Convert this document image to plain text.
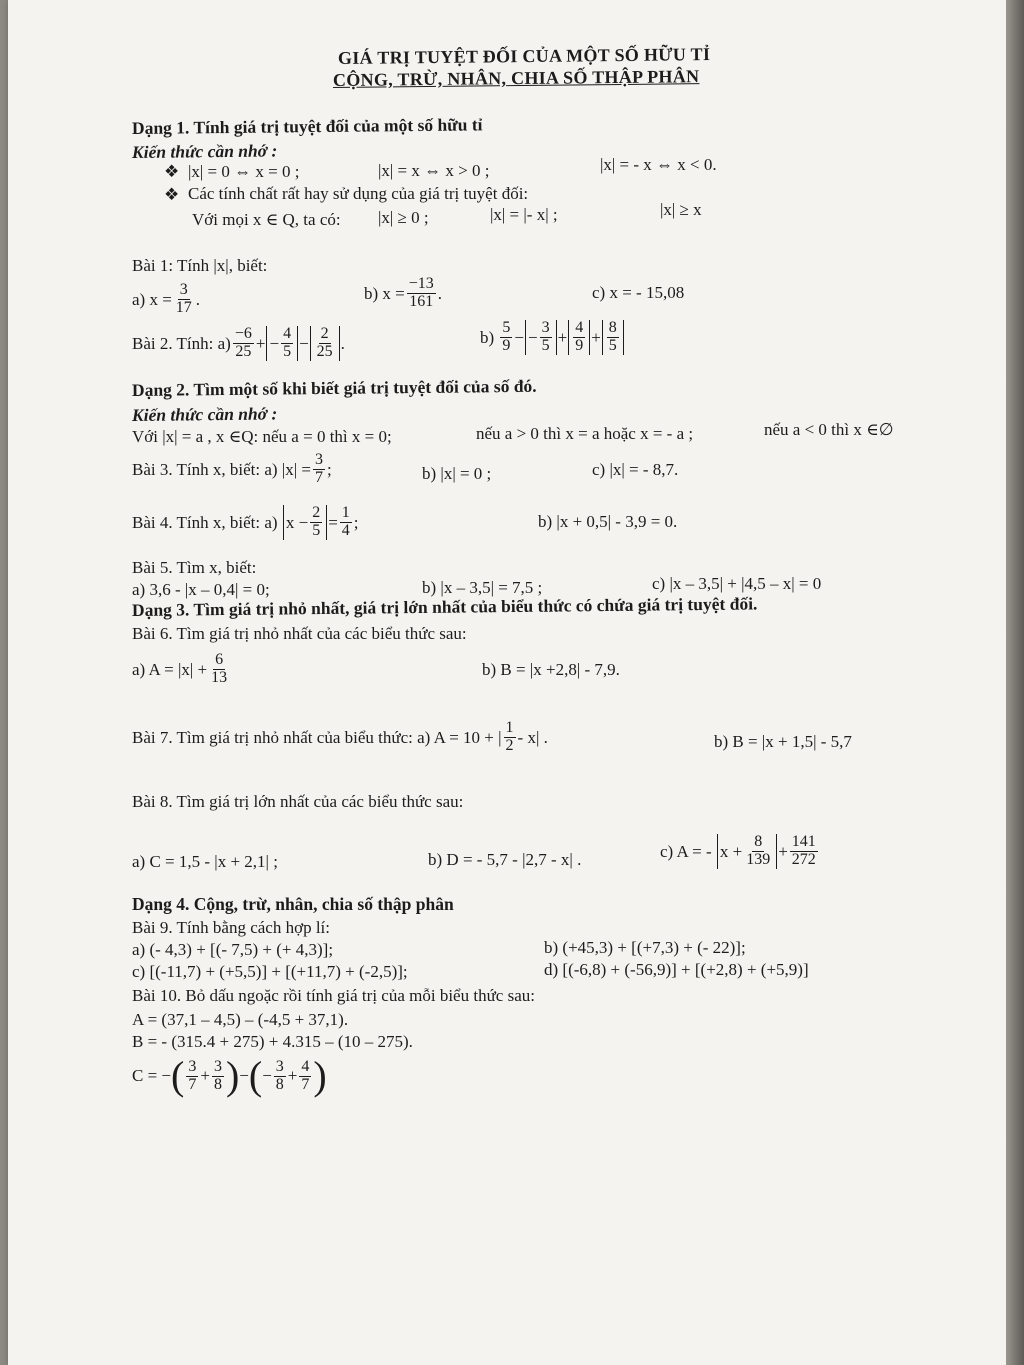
GIÁ TRỊ TUYỆT ĐỐI CỦA MỘT SỐ HỮU TỈ
CỘNG, TRỪ, NHÂN, CHIA SỐ THẬP PHÂN
Dạng 1. Tính giá trị tuyệt đối của một số hữu tỉ
Kiến thức cần nhớ :
❖ |x| = 0 ⇔ x = 0 ;	|x| = x ⇔ x > 0 ;	|x| = - x ⇔ x < 0.
❖ Các tính chất rất hay sử dụng của giá trị tuyệt đối:
Với mọi x ∈ Q, ta có: |x| ≥ 0 ;	|x| = |- x| ;	|x| ≥ x
Bài 1: Tính |x|, biết:
a) $x = \frac{3}{17}$ .	b) $x = \frac{-13}{161}$ .	c) x = - 15,08
Bài 2. Tính: $a) \frac{-6}{25}$ + − $\frac{4}{5} - \frac{2}{25}$ .	b)
$\frac{5}{9}$ − − $\frac{3}{5} + \frac{4}{9} + \frac{8}{5}$
Dạng 2. Tìm một số khi biết giá trị tuyệt đối của số đó.
Kiến thức cần nhớ :
Với |x| = a , x ∈Q: nếu a = 0 thì x = 0;	nếu a > 0 thì x = a hoặc x = - a ;	nếu a < 0 thì x ∈∅
Bài 3. Tính x, biết: a) $|x| = \frac{3}{7}$ ;	b) |x| = 0 ;	c) |x| = - 8,7.
Bài 4. Tính x, biết: a)
$x - \frac{2}{5} = \frac{1}{4}$ ;	b) |x + 0,5| - 3,9 = 0.
Bài 5. Tìm x, biết:
a) 3,6 - |x – 0,4| = 0;	b) |x – 3,5| = 7,5 ;	c) |x – 3,5| + |4,5 – x| = 0
Dạng 3. Tìm giá trị nhỏ nhất, giá trị lớn nhất của biểu thức có chứa giá trị tuyệt đối.
Bài 6. Tìm giá trị nhỏ nhất của các biểu thức sau:
a) $A = |x| + \frac{6}{13}$	b) B = |x +2,8| - 7,9.
Bài 7. Tìm giá trị nhỏ nhất của biểu thức: a) A = 10 + | $\frac{1}{2} - x|$ .	b) B = |x + 1,5| - 5,7
Bài 8. Tìm giá trị lớn nhất của các biểu thức sau:
a) C = 1,5 - |x + 2,1| ;	b) D = - 5,7 - |2,7 - x| .	c) A = -
$x + \frac{8}{139} + \frac{141}{272}$
Dạng 4. Cộng, trừ, nhân, chia số thập phân
Bài 9. Tính bằng cách hợp lí:
a) (- 4,3) + [(- 7,5) + (+ 4,3)];	b) (+45,3) + [(+7,3) + (- 22)];
c) [(-11,7) + (+5,5)] + [(+11,7) + (-2,5)];	d) [(-6,8) + (-56,9)] + [(+2,8) + (+5,9)]
Bài 10. Bỏ dấu ngoặc rồi tính giá trị của mỗi biểu thức sau:
A = (37,1 – 4,5) – (-4,5 + 37,1).
B = - (315.4 + 275) + 4.315 – (10 – 275).
C = − ( $\frac{3}{7} + \frac{3}{8}$ ) − ( − $\frac{3}{8} + \frac{4}{7}$ )
